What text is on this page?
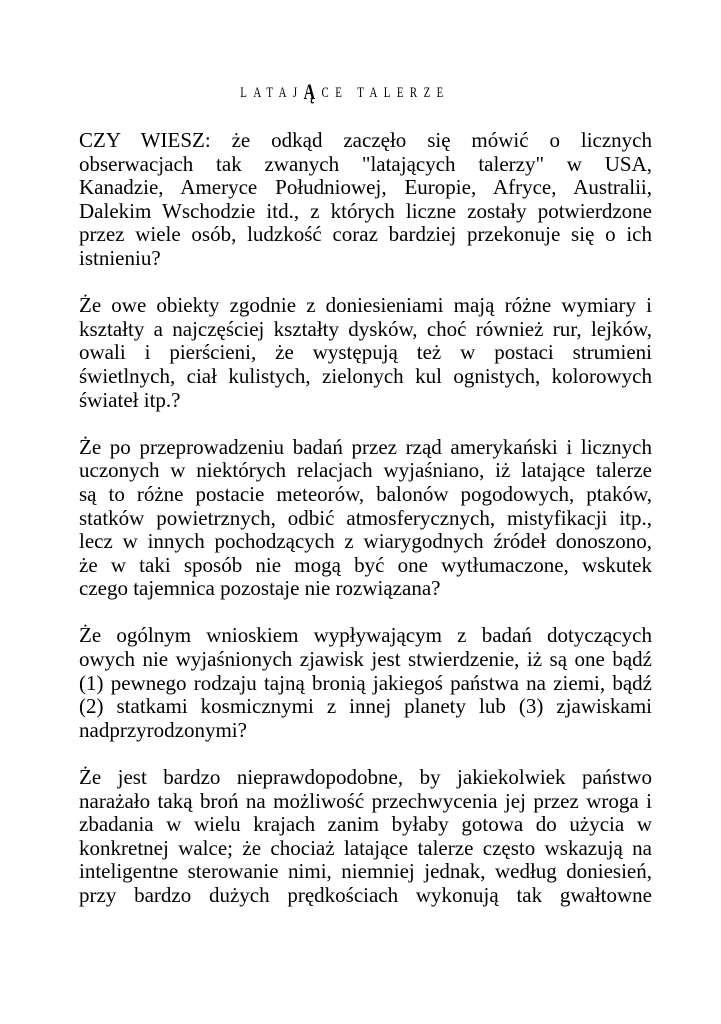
LATAJĄCE TALERZE
CZY WIESZ: że odkąd zaczęło się mówić o licznych
obserwacjach tak zwanych "latających talerzy" w USA,
Kanadzie, Ameryce Południowej, Europie, Afryce, Australii,
Dalekim Wschodzie itd., z których liczne zostały potwierdzone
przez wiele osób, ludzkość coraz bardziej przekonuje się o ich
istnieniu?
Że owe obiekty zgodnie z doniesieniami mają różne wymiary i
kształty a najczęściej kształty dysków, choć również rur, lejków,
owali i pierścieni, że występują też w postaci strumieni
świetlnych, ciał kulistych, zielonych kul ognistych, kolorowych
świateł itp.?
Że po przeprowadzeniu badań przez rząd amerykański i licznych
uczonych w niektórych relacjach wyjaśniano, iż latające talerze
są to różne postacie meteorów, balonów pogodowych, ptaków,
statków powietrznych, odbić atmosferycznych, mistyfikacji itp.,
lecz w innych pochodzących z wiarygodnych źródeł donoszono,
że w taki sposób nie mogą być one wytłumaczone, wskutek
czego tajemnica pozostaje nie rozwiązana?
Że ogólnym wnioskiem wypływającym z badań dotyczących
owych nie wyjaśnionych zjawisk jest stwierdzenie, iż są one bądź
(1) pewnego rodzaju tajną bronią jakiegoś państwa na ziemi, bądź
(2) statkami kosmicznymi z innej planety lub (3) zjawiskami
nadprzyrodzonymi?
Że jest bardzo nieprawdopodobne, by jakiekolwiek państwo
narażało taką broń na możliwość przechwycenia jej przez wroga i
zbadania w wielu krajach zanim byłaby gotowa do użycia w
konkretnej walce; że chociaż latające talerze często wskazują na
inteligentne sterowanie nimi, niemniej jednak, według doniesień,
przy bardzo dużych prędkościach wykonują tak gwałtowne
